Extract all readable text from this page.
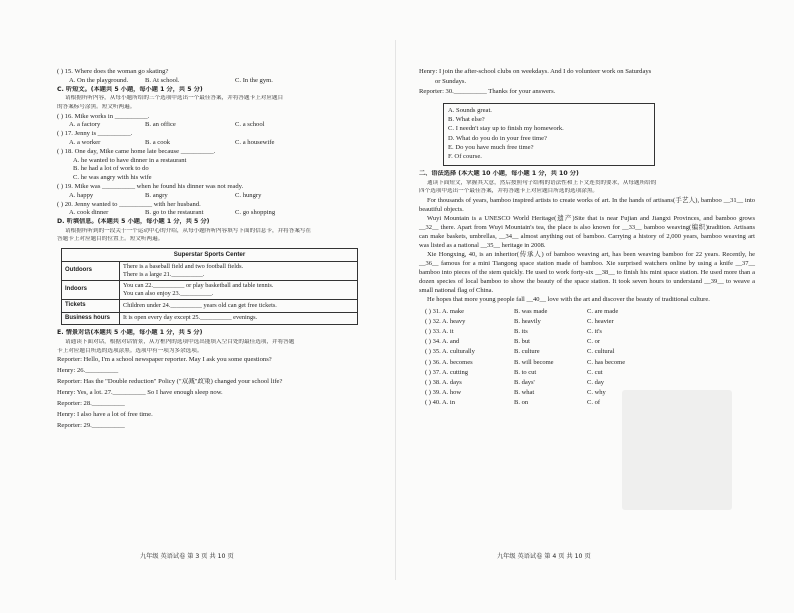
( ) 15. Where does the woman go skating?
A. On the playground.	B. At school.	C. In the gym.
C. 听短文。(本题共 5 小题，每小题 1 分，共 5 分)
请根据所听内容，从每小题所给的三个选项中选出一个最佳答案，并将答题卡上对应题目
的答案标号涂黑。短文听两遍。
( ) 16. Mike works in __________.
A. a factory	B. an office	C. a school
( ) 17. Jenny is __________.
A. a worker	B. a cook	C. a housewife
( ) 18. One day, Mike came home late because __________.
A. he wanted to have dinner in a restaurant
B. he had a lot of work to do
C. he was angry with his wife
( ) 19. Mike was __________ when he found his dinner was not ready.
A. happy	B. angry	C. hungry
( ) 20. Jenny wanted to __________ with her husband.
A. cook dinner	B. go to the restaurant	C. go shopping
D. 听填信息。(本题共 5 小题，每小题 1 分，共 5 分)
请根据所听到的一段关于一个运动中心的介绍，从每小题所听内容填写下面的信息卡，并将答案写在
答题卡上对应题目的位置上。短文听两遍。
Superstar Sports Center	
Outdoors	There is a baseball field and two football fields.
There is a large 21.__________.

Indoors	You can 22.__________ or play basketball and table tennis.
You can also enjoy 23.__________.

Tickets	Children under 24.__________ years old can get free tickets.
Business hours	It is open every day except 25.__________ evenings.
E. 情景对话(本题共 5 小题，每小题 1 分，共 5 分)
请通读下面对话，根据对话情景，从方框内的选项中选出能填入空白处的最佳选项，并将答题
卡上对应题目所选的选项涂黑。选项中有一项为多余选项。
Reporter: Hello, I'm a school newspaper reporter. May I ask you some questions?
Henry: 26.__________
Reporter: Has the "Double reduction" Policy ("双减"政策) changed your school life?
Henry: Yes, a lot. 27.__________ So I have enough sleep now.
Reporter: 28.__________
Henry: I also have a lot of free time.
Reporter: 29.__________
九年级 英语试卷 第 3 页 共 10 页
Henry: I join the after-school clubs on weekdays. And I do volunteer work on Saturdays
or Sundays.
Reporter: 30.__________ Thanks for your answers.
A. Sounds great.
B. What else?
C. I needn't stay up to finish my homework.
D. What do you do in your free time?
E. Do you have much free time?
F. Of course.
二、语法选择 (本大题 10 小题，每小题 1 分，共 10 分)
通读下面短文，掌握其大意，然后按照句子结构的语法性和上下文连贯的要求，从每题所给的
四个选项中选出一个最佳答案，并将答题卡上对应题目所选的选项涂黑。

For thousands of years, bamboo inspired artists to create works of art. In the hands of artisans(手艺人), bamboo __31__ into beautiful objects.

Wuyi Mountain is a UNESCO World Heritage(遗产)Site that is near Fujian and Jiangxi Provinces, and bamboo grows __32__ there. Apart from Wuyi Mountain's tea, the place is also known for __33__ bamboo weaving(编织)tradition. Artisans can make baskets, umbrellas, __34__ almost anything out of bamboo. Carrying a history of 2,000 years, bamboo weaving art was listed as a national __35__ heritage in 2008.

Xie Hongxing, 40, is an inheritor(传承人) of bamboo weaving art, has been weaving bamboo for 22 years. Recently, he __36__ famous for a mini Tiangong space station made of bamboo. Xie surprised watchers online by using a knife __37__ bamboo into pieces of the stem quickly. He used to work forty-six __38__ to finish his mini space station. He used more than a dozen species of local bamboo to show the beauty of the space station. It took seven hours to understand __39__ to weave a small national flag of China.

He hopes that more young people fall __40__ love with the art and discover the beauty of traditional culture.

( ) 31. A. make	B. was made	C. are made
( ) 32. A. heavy	B. heavily	C. heavier
( ) 33. A. it	B. its	C. it's
( ) 34. A. and	B. but	C. or
( ) 35. A. culturally	B. culture	C. cultural
( ) 36. A. becomes	B. will become	C. has become
( ) 37. A. cutting	B. to cut	C. cut
( ) 38. A. days	B. days'	C. day
( ) 39. A. how	B. what	C. why
( ) 40. A. in	B. on	C. of
九年级 英语试卷 第 4 页 共 10 页
